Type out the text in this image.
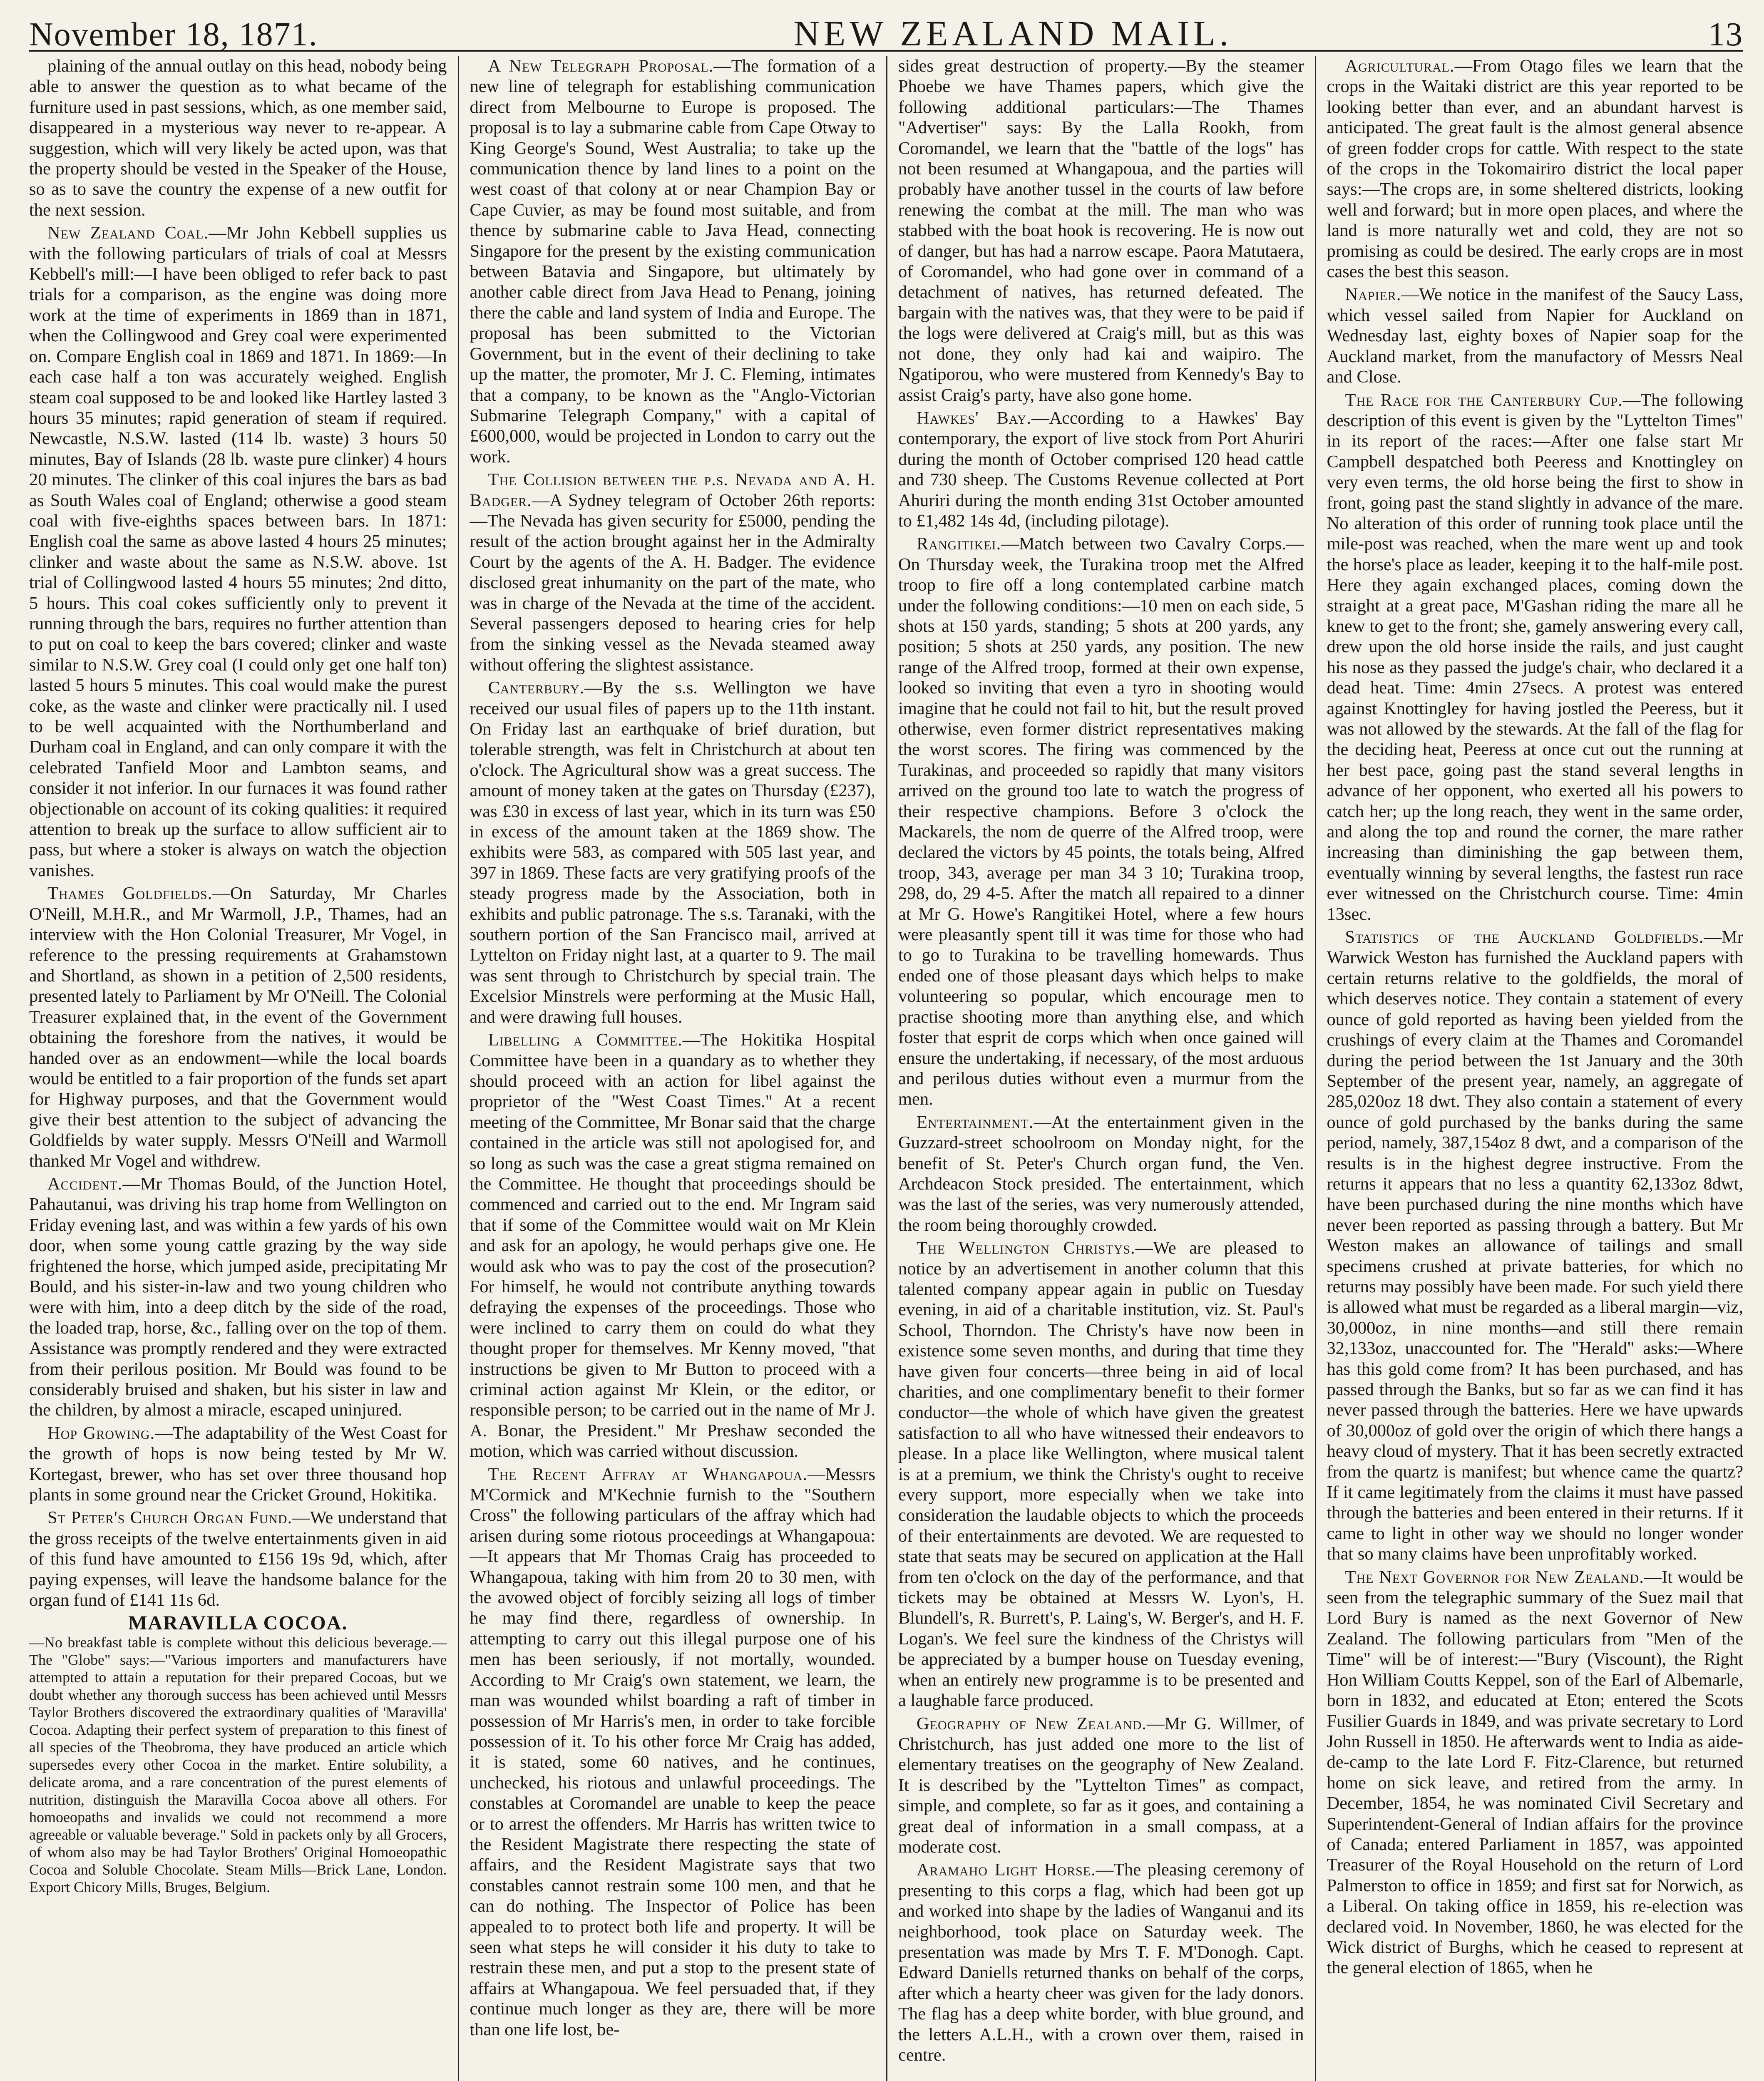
November 18, 1871.	NEW ZEALAND MAIL.	13

plaining of the annual outlay on this head, nobody being able to answer the question as to what became of the furniture used in past sessions, which, as one member said, disappeared in a mysterious way never to re-appear. A suggestion, which will very likely be acted upon, was that the property should be vested in the Speaker of the House, so as to save the country the expense of a new outfit for the next session.

New Zealand Coal.—Mr John Kebbell supplies us with the following particulars of trials of coal at Messrs Kebbell's mill:—I have been obliged to refer back to past trials for a comparison, as the engine was doing more work at the time of experiments in 1869 than in 1871, when the Collingwood and Grey coal were experimented on. Compare English coal in 1869 and 1871. In 1869:—In each case half a ton was accurately weighed. English steam coal supposed to be and looked like Hartley lasted 3 hours 35 minutes; rapid generation of steam if required. Newcastle, N.S.W. lasted (114 lb. waste) 3 hours 50 minutes, Bay of Islands (28 lb. waste pure clinker) 4 hours 20 minutes. The clinker of this coal injures the bars as bad as South Wales coal of England; otherwise a good steam coal with five-eighths spaces between bars. In 1871: English coal the same as above lasted 4 hours 25 minutes; clinker and waste about the same as N.S.W. above. 1st trial of Collingwood lasted 4 hours 55 minutes; 2nd ditto, 5 hours. This coal cokes sufficiently only to prevent it running through the bars, requires no further attention than to put on coal to keep the bars covered; clinker and waste similar to N.S.W. Grey coal (I could only get one half ton) lasted 5 hours 5 minutes. This coal would make the purest coke, as the waste and clinker were practically nil. I used to be well acquainted with the Northumberland and Durham coal in England, and can only compare it with the celebrated Tanfield Moor and Lambton seams, and consider it not inferior. In our furnaces it was found rather objectionable on account of its coking qualities: it required attention to break up the surface to allow sufficient air to pass, but where a stoker is always on watch the objection vanishes.

Thames Goldfields.—On Saturday, Mr Charles O'Neill, M.H.R., and Mr Warmoll, J.P., Thames, had an interview with the Hon Colonial Treasurer, Mr Vogel, in reference to the pressing requirements at Grahamstown and Shortland, as shown in a petition of 2,500 residents, presented lately to Parliament by Mr O'Neill. The Colonial Treasurer explained that, in the event of the Government obtaining the foreshore from the natives, it would be handed over as an endowment—while the local boards would be entitled to a fair proportion of the funds set apart for Highway purposes, and that the Government would give their best attention to the subject of advancing the Goldfields by water supply. Messrs O'Neill and Warmoll thanked Mr Vogel and withdrew.

Accident.—Mr Thomas Bould, of the Junction Hotel, Pahautanui, was driving his trap home from Wellington on Friday evening last, and was within a few yards of his own door, when some young cattle grazing by the way side frightened the horse, which jumped aside, precipitating Mr Bould, and his sister-in-law and two young children who were with him, into a deep ditch by the side of the road, the loaded trap, horse, &c., falling over on the top of them. Assistance was promptly rendered and they were extracted from their perilous position. Mr Bould was found to be considerably bruised and shaken, but his sister in law and the children, by almost a miracle, escaped uninjured.

Hop Growing.—The adaptability of the West Coast for the growth of hops is now being tested by Mr W. Kortegast, brewer, who has set over three thousand hop plants in some ground near the Cricket Ground, Hokitika.

St Peter's Church Organ Fund.—We understand that the gross receipts of the twelve entertainments given in aid of this fund have amounted to £156 19s 9d, which, after paying expenses, will leave the handsome balance for the organ fund of £141 11s 6d.

MARAVILLA COCOA.
—No breakfast table is complete without this delicious beverage.—The "Globe" says:—"Various importers and manufacturers have attempted to attain a reputation for their prepared Cocoas, but we doubt whether any thorough success has been achieved until Messrs Taylor Brothers discovered the extraordinary qualities of 'Maravilla' Cocoa. Adapting their perfect system of preparation to this finest of all species of the Theobroma, they have produced an article which supersedes every other Cocoa in the market. Entire solubility, a delicate aroma, and a rare concentration of the purest elements of nutrition, distinguish the Maravilla Cocoa above all others. For homoeopaths and invalids we could not recommend a more agreeable or valuable beverage." Sold in packets only by all Grocers, of whom also may be had Taylor Brothers' Original Homoeopathic Cocoa and Soluble Chocolate. Steam Mills—Brick Lane, London. Export Chicory Mills, Bruges, Belgium.

A New Telegraph Proposal.—The formation of a new line of telegraph for establishing communication direct from Melbourne to Europe is proposed. The proposal is to lay a submarine cable from Cape Otway to King George's Sound, West Australia; to take up the communication thence by land lines to a point on the west coast of that colony at or near Champion Bay or Cape Cuvier, as may be found most suitable, and from thence by submarine cable to Java Head, connecting Singapore for the present by the existing communication between Batavia and Singapore, but ultimately by another cable direct from Java Head to Penang, joining there the cable and land system of India and Europe. The proposal has been submitted to the Victorian Government, but in the event of their declining to take up the matter, the promoter, Mr J. C. Fleming, intimates that a company, to be known as the "Anglo-Victorian Submarine Telegraph Company," with a capital of £600,000, would be projected in London to carry out the work.

The Collision between the p.s. Nevada and A. H. Badger.—A Sydney telegram of October 26th reports:—The Nevada has given security for £5000, pending the result of the action brought against her in the Admiralty Court by the agents of the A. H. Badger. The evidence disclosed great inhumanity on the part of the mate, who was in charge of the Nevada at the time of the accident. Several passengers deposed to hearing cries for help from the sinking vessel as the Nevada steamed away without offering the slightest assistance.

Canterbury.—By the s.s. Wellington we have received our usual files of papers up to the 11th instant. On Friday last an earthquake of brief duration, but tolerable strength, was felt in Christchurch at about ten o'clock. The Agricultural show was a great success. The amount of money taken at the gates on Thursday (£237), was £30 in excess of last year, which in its turn was £50 in excess of the amount taken at the 1869 show. The exhibits were 583, as compared with 505 last year, and 397 in 1869. These facts are very gratifying proofs of the steady progress made by the Association, both in exhibits and public patronage. The s.s. Taranaki, with the southern portion of the San Francisco mail, arrived at Lyttelton on Friday night last, at a quarter to 9. The mail was sent through to Christchurch by special train. The Excelsior Minstrels were performing at the Music Hall, and were drawing full houses.

Libelling a Committee.—The Hokitika Hospital Committee have been in a quandary as to whether they should proceed with an action for libel against the proprietor of the "West Coast Times." At a recent meeting of the Committee, Mr Bonar said that the charge contained in the article was still not apologised for, and so long as such was the case a great stigma remained on the Committee. He thought that proceedings should be commenced and carried out to the end. Mr Ingram said that if some of the Committee would wait on Mr Klein and ask for an apology, he would perhaps give one. He would ask who was to pay the cost of the prosecution? For himself, he would not contribute anything towards defraying the expenses of the proceedings. Those who were inclined to carry them on could do what they thought proper for themselves. Mr Kenny moved, "that instructions be given to Mr Button to proceed with a criminal action against Mr Klein, or the editor, or responsible person; to be carried out in the name of Mr J. A. Bonar, the President." Mr Preshaw seconded the motion, which was carried without discussion.

The Recent Affray at Whangapoua.—Messrs M'Cormick and M'Kechnie furnish to the "Southern Cross" the following particulars of the affray which had arisen during some riotous proceedings at Whangapoua:—It appears that Mr Thomas Craig has proceeded to Whangapoua, taking with him from 20 to 30 men, with the avowed object of forcibly seizing all logs of timber he may find there, regardless of ownership. In attempting to carry out this illegal purpose one of his men has been seriously, if not mortally, wounded. According to Mr Craig's own statement, we learn, the man was wounded whilst boarding a raft of timber in possession of Mr Harris's men, in order to take forcible possession of it. To his other force Mr Craig has added, it is stated, some 60 natives, and he continues, unchecked, his riotous and unlawful proceedings. The constables at Coromandel are unable to keep the peace or to arrest the offenders. Mr Harris has written twice to the Resident Magistrate there respecting the state of affairs, and the Resident Magistrate says that two constables cannot restrain some 100 men, and that he can do nothing. The Inspector of Police has been appealed to to protect both life and property. It will be seen what steps he will consider it his duty to take to restrain these men, and put a stop to the present state of affairs at Whangapoua. We feel persuaded that, if they continue much longer as they are, there will be more than one life lost, be-

sides great destruction of property.—By the steamer Phoebe we have Thames papers, which give the following additional particulars:—The Thames "Advertiser" says: By the Lalla Rookh, from Coromandel, we learn that the "battle of the logs" has not been resumed at Whangapoua, and the parties will probably have another tussel in the courts of law before renewing the combat at the mill. The man who was stabbed with the boat hook is recovering. He is now out of danger, but has had a narrow escape. Paora Matutaera, of Coromandel, who had gone over in command of a detachment of natives, has returned defeated. The bargain with the natives was, that they were to be paid if the logs were delivered at Craig's mill, but as this was not done, they only had kai and waipiro. The Ngatiporou, who were mustered from Kennedy's Bay to assist Craig's party, have also gone home.

Hawkes' Bay.—According to a Hawkes' Bay contemporary, the export of live stock from Port Ahuriri during the month of October comprised 120 head cattle and 730 sheep. The Customs Revenue collected at Port Ahuriri during the month ending 31st October amounted to £1,482 14s 4d, (including pilotage).

Rangitikei.—Match between two Cavalry Corps.—On Thursday week, the Turakina troop met the Alfred troop to fire off a long contemplated carbine match under the following conditions:—10 men on each side, 5 shots at 150 yards, standing; 5 shots at 200 yards, any position; 5 shots at 250 yards, any position. The new range of the Alfred troop, formed at their own expense, looked so inviting that even a tyro in shooting would imagine that he could not fail to hit, but the result proved otherwise, even former district representatives making the worst scores. The firing was commenced by the Turakinas, and proceeded so rapidly that many visitors arrived on the ground too late to watch the progress of their respective champions. Before 3 o'clock the Mackarels, the nom de querre of the Alfred troop, were declared the victors by 45 points, the totals being, Alfred troop, 343, average per man 34 3 10; Turakina troop, 298, do, 29 4-5. After the match all repaired to a dinner at Mr G. Howe's Rangitikei Hotel, where a few hours were pleasantly spent till it was time for those who had to go to Turakina to be travelling homewards. Thus ended one of those pleasant days which helps to make volunteering so popular, which encourage men to practise shooting more than anything else, and which foster that esprit de corps which when once gained will ensure the undertaking, if necessary, of the most arduous and perilous duties without even a murmur from the men.

Entertainment.—At the entertainment given in the Guzzard-street schoolroom on Monday night, for the benefit of St. Peter's Church organ fund, the Ven. Archdeacon Stock presided. The entertainment, which was the last of the series, was very numerously attended, the room being thoroughly crowded.

The Wellington Christys.—We are pleased to notice by an advertisement in another column that this talented company appear again in public on Tuesday evening, in aid of a charitable institution, viz. St. Paul's School, Thorndon. The Christy's have now been in existence some seven months, and during that time they have given four concerts—three being in aid of local charities, and one complimentary benefit to their former conductor—the whole of which have given the greatest satisfaction to all who have witnessed their endeavors to please. In a place like Wellington, where musical talent is at a premium, we think the Christy's ought to receive every support, more especially when we take into consideration the laudable objects to which the proceeds of their entertainments are devoted. We are requested to state that seats may be secured on application at the Hall from ten o'clock on the day of the performance, and that tickets may be obtained at Messrs W. Lyon's, H. Blundell's, R. Burrett's, P. Laing's, W. Berger's, and H. F. Logan's. We feel sure the kindness of the Christys will be appreciated by a bumper house on Tuesday evening, when an entirely new programme is to be presented and a laughable farce produced.

Geography of New Zealand.—Mr G. Willmer, of Christchurch, has just added one more to the list of elementary treatises on the geography of New Zealand. It is described by the "Lyttelton Times" as compact, simple, and complete, so far as it goes, and containing a great deal of information in a small compass, at a moderate cost.

Aramaho Light Horse.—The pleasing ceremony of presenting to this corps a flag, which had been got up and worked into shape by the ladies of Wanganui and its neighborhood, took place on Saturday week. The presentation was made by Mrs T. F. M'Donogh. Capt. Edward Daniells returned thanks on behalf of the corps, after which a hearty cheer was given for the lady donors. The flag has a deep white border, with blue ground, and the letters A.L.H., with a crown over them, raised in centre.

Agricultural.—From Otago files we learn that the crops in the Waitaki district are this year reported to be looking better than ever, and an abundant harvest is anticipated. The great fault is the almost general absence of green fodder crops for cattle. With respect to the state of the crops in the Tokomairiro district the local paper says:—The crops are, in some sheltered districts, looking well and forward; but in more open places, and where the land is more naturally wet and cold, they are not so promising as could be desired. The early crops are in most cases the best this season.

Napier.—We notice in the manifest of the Saucy Lass, which vessel sailed from Napier for Auckland on Wednesday last, eighty boxes of Napier soap for the Auckland market, from the manufactory of Messrs Neal and Close.

The Race for the Canterbury Cup.—The following description of this event is given by the "Lyttelton Times" in its report of the races:—After one false start Mr Campbell despatched both Peeress and Knottingley on very even terms, the old horse being the first to show in front, going past the stand slightly in advance of the mare. No alteration of this order of running took place until the mile-post was reached, when the mare went up and took the horse's place as leader, keeping it to the half-mile post. Here they again exchanged places, coming down the straight at a great pace, M'Gashan riding the mare all he knew to get to the front; she, gamely answering every call, drew upon the old horse inside the rails, and just caught his nose as they passed the judge's chair, who declared it a dead heat. Time: 4min 27secs. A protest was entered against Knottingley for having jostled the Peeress, but it was not allowed by the stewards. At the fall of the flag for the deciding heat, Peeress at once cut out the running at her best pace, going past the stand several lengths in advance of her opponent, who exerted all his powers to catch her; up the long reach, they went in the same order, and along the top and round the corner, the mare rather increasing than diminishing the gap between them, eventually winning by several lengths, the fastest run race ever witnessed on the Christchurch course. Time: 4min 13sec.

Statistics of the Auckland Goldfields.—Mr Warwick Weston has furnished the Auckland papers with certain returns relative to the goldfields, the moral of which deserves notice. They contain a statement of every ounce of gold reported as having been yielded from the crushings of every claim at the Thames and Coromandel during the period between the 1st January and the 30th September of the present year, namely, an aggregate of 285,020oz 18 dwt. They also contain a statement of every ounce of gold purchased by the banks during the same period, namely, 387,154oz 8 dwt, and a comparison of the results is in the highest degree instructive. From the returns it appears that no less a quantity 62,133oz 8dwt, have been purchased during the nine months which have never been reported as passing through a battery. But Mr Weston makes an allowance of tailings and small specimens crushed at private batteries, for which no returns may possibly have been made. For such yield there is allowed what must be regarded as a liberal margin—viz, 30,000oz, in nine months—and still there remain 32,133oz, unaccounted for. The "Herald" asks:—Where has this gold come from? It has been purchased, and has passed through the Banks, but so far as we can find it has never passed through the batteries. Here we have upwards of 30,000oz of gold over the origin of which there hangs a heavy cloud of mystery. That it has been secretly extracted from the quartz is manifest; but whence came the quartz? If it came legitimately from the claims it must have passed through the batteries and been entered in their returns. If it came to light in other way we should no longer wonder that so many claims have been unprofitably worked.

The Next Governor for New Zealand.—It would be seen from the telegraphic summary of the Suez mail that Lord Bury is named as the next Governor of New Zealand. The following particulars from "Men of the Time" will be of interest:—"Bury (Viscount), the Right Hon William Coutts Keppel, son of the Earl of Albemarle, born in 1832, and educated at Eton; entered the Scots Fusilier Guards in 1849, and was private secretary to Lord John Russell in 1850. He afterwards went to India as aide-de-camp to the late Lord F. Fitz-Clarence, but returned home on sick leave, and retired from the army. In December, 1854, he was nominated Civil Secretary and Superintendent-General of Indian affairs for the province of Canada; entered Parliament in 1857, was appointed Treasurer of the Royal Household on the return of Lord Palmerston to office in 1859; and first sat for Norwich, as a Liberal. On taking office in 1859, his re-election was declared void. In November, 1860, he was elected for the Wick district of Burghs, which he ceased to represent at the general election of 1865, when he
